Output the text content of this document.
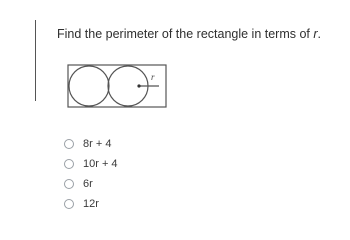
Find the perimeter of the rectangle in terms of r.
r
8r + 4
10r + 4
6r
12r
